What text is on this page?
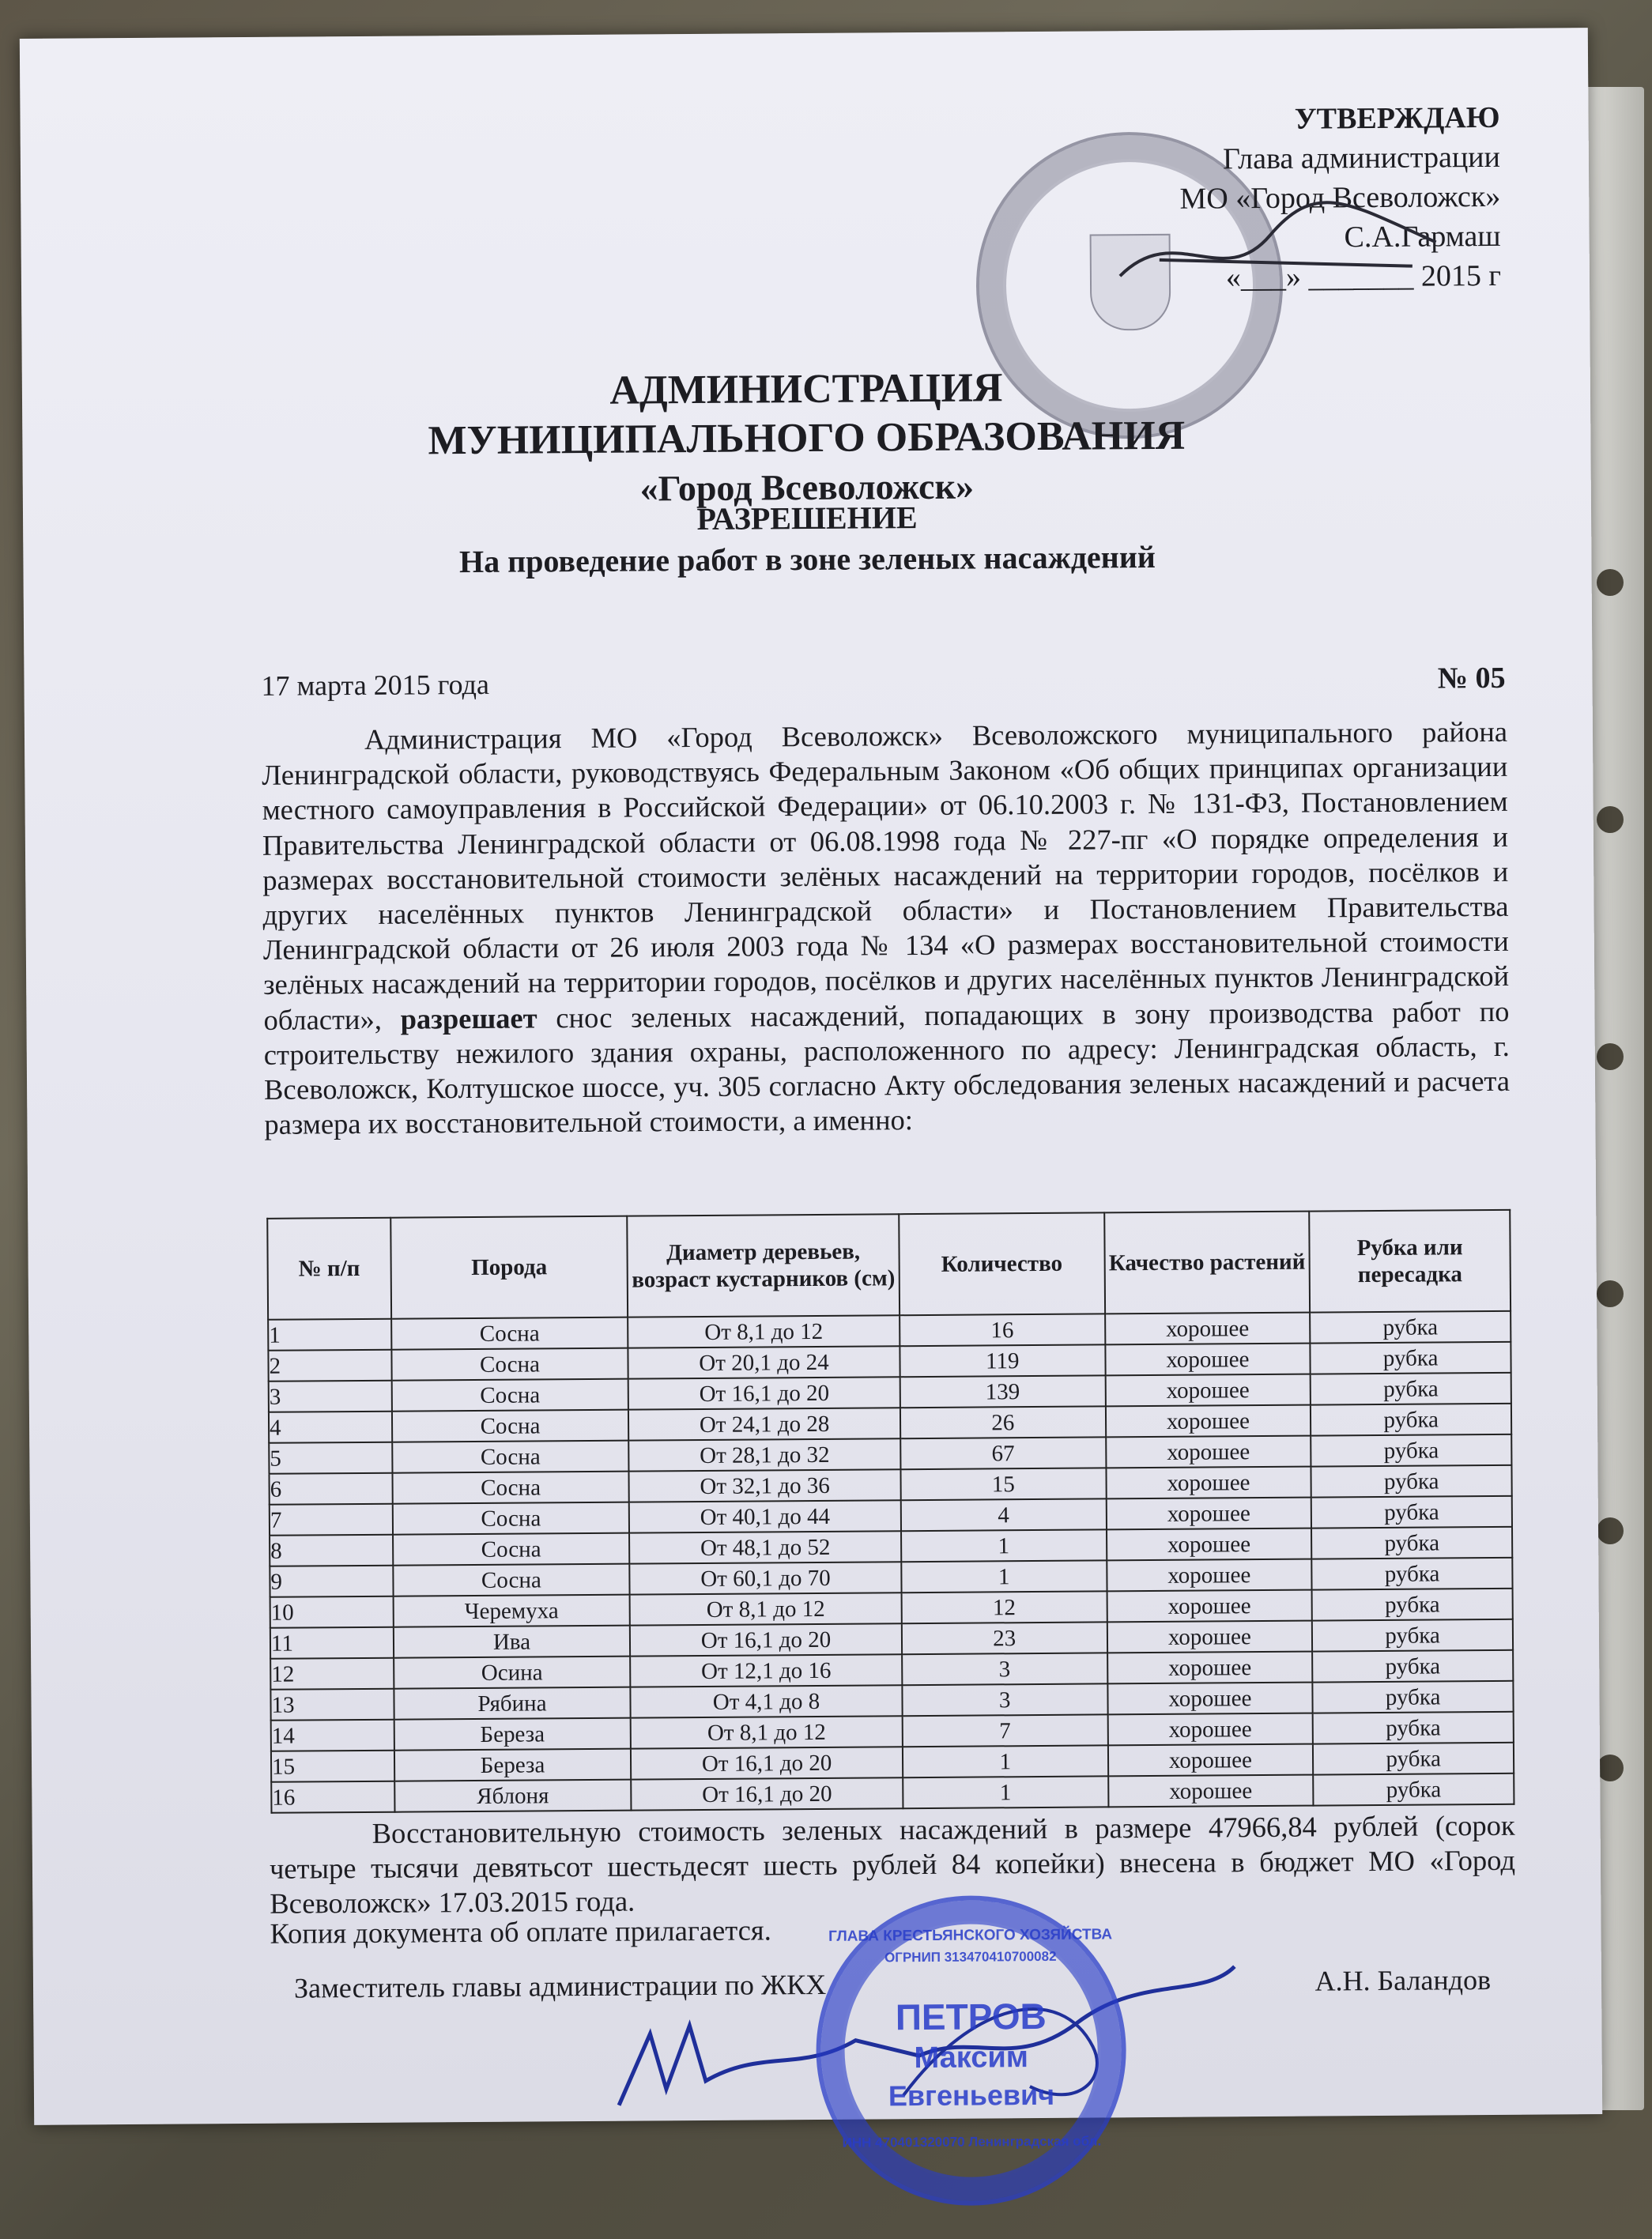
УТВЕРЖДАЮ
Глава администрации
МО «Город Всеволожск»
С.А.Гармаш
«___» _______ 2015 г
АДМИНИСТРАЦИЯ
МУНИЦИПАЛЬНОГО ОБРАЗОВАНИЯ
«Город Всеволожск»
РАЗРЕШЕНИЕ
На проведение работ в зоне зеленых насаждений
17 марта 2015 года	№ 05
Администрация МО «Город Всеволожск» Всеволожского муниципального района Ленинградской области, руководствуясь Федеральным Законом «Об общих принципах организации местного самоуправления в Российской Федерации» от 06.10.2003 г. № 131-ФЗ, Постановлением Правительства Ленинградской области от 06.08.1998 года № 227-пг «О порядке определения и размерах восстановительной стоимости зелёных насаждений на территории городов, посёлков и других населённых пунктов Ленинградской области» и Постановлением Правительства Ленинградской области от 26 июля 2003 года № 134 «О размерах восстановительной стоимости зелёных насаждений на территории городов, посёлков и других населённых пунктов Ленинградской области», разрешает снос зеленых насаждений, попадающих в зону производства работ по строительству нежилого здания охраны, расположенного по адресу: Ленинградская область, г. Всеволожск, Колтушское шоссе, уч. 305 согласно Акту обследования зеленых насаждений и расчета размера их восстановительной стоимости, а именно:
№ п/п	Порода	Диаметр деревьев, возраст кустарников (см)	Количество	Качество растений	Рубка или пересадка
1	Сосна	От 8,1 до 12	16	хорошее	рубка
2	Сосна	От 20,1 до 24	119	хорошее	рубка
3	Сосна	От 16,1 до 20	139	хорошее	рубка
4	Сосна	От 24,1 до 28	26	хорошее	рубка
5	Сосна	От 28,1 до 32	67	хорошее	рубка
6	Сосна	От 32,1 до 36	15	хорошее	рубка
7	Сосна	От 40,1 до 44	4	хорошее	рубка
8	Сосна	От 48,1 до 52	1	хорошее	рубка
9	Сосна	От 60,1 до 70	1	хорошее	рубка
10	Черемуха	От 8,1 до 12	12	хорошее	рубка
11	Ива	От 16,1 до 20	23	хорошее	рубка
12	Осина	От 12,1 до 16	3	хорошее	рубка
13	Рябина	От 4,1 до 8	3	хорошее	рубка
14	Береза	От 8,1 до 12	7	хорошее	рубка
15	Береза	От 16,1 до 20	1	хорошее	рубка
16	Яблоня	От 16,1 до 20	1	хорошее	рубка
Восстановительную стоимость зеленых насаждений в размере 47966,84 рублей (сорок четыре тысячи девятьсот шестьдесят шесть рублей 84 копейки) внесена в бюджет МО «Город Всеволожск» 17.03.2015 года.
Копия документа об оплате прилагается.
Заместитель главы администрации по ЖКХ	А.Н. Баландов
ГЛАВА КРЕСТЬЯНСКОГО ХОЗЯЙСТВА
ОГРНИП 313470410700082
ПЕТРОВ
Максим
Евгеньевич
ИНН 470401320070 Ленинградская обл.
